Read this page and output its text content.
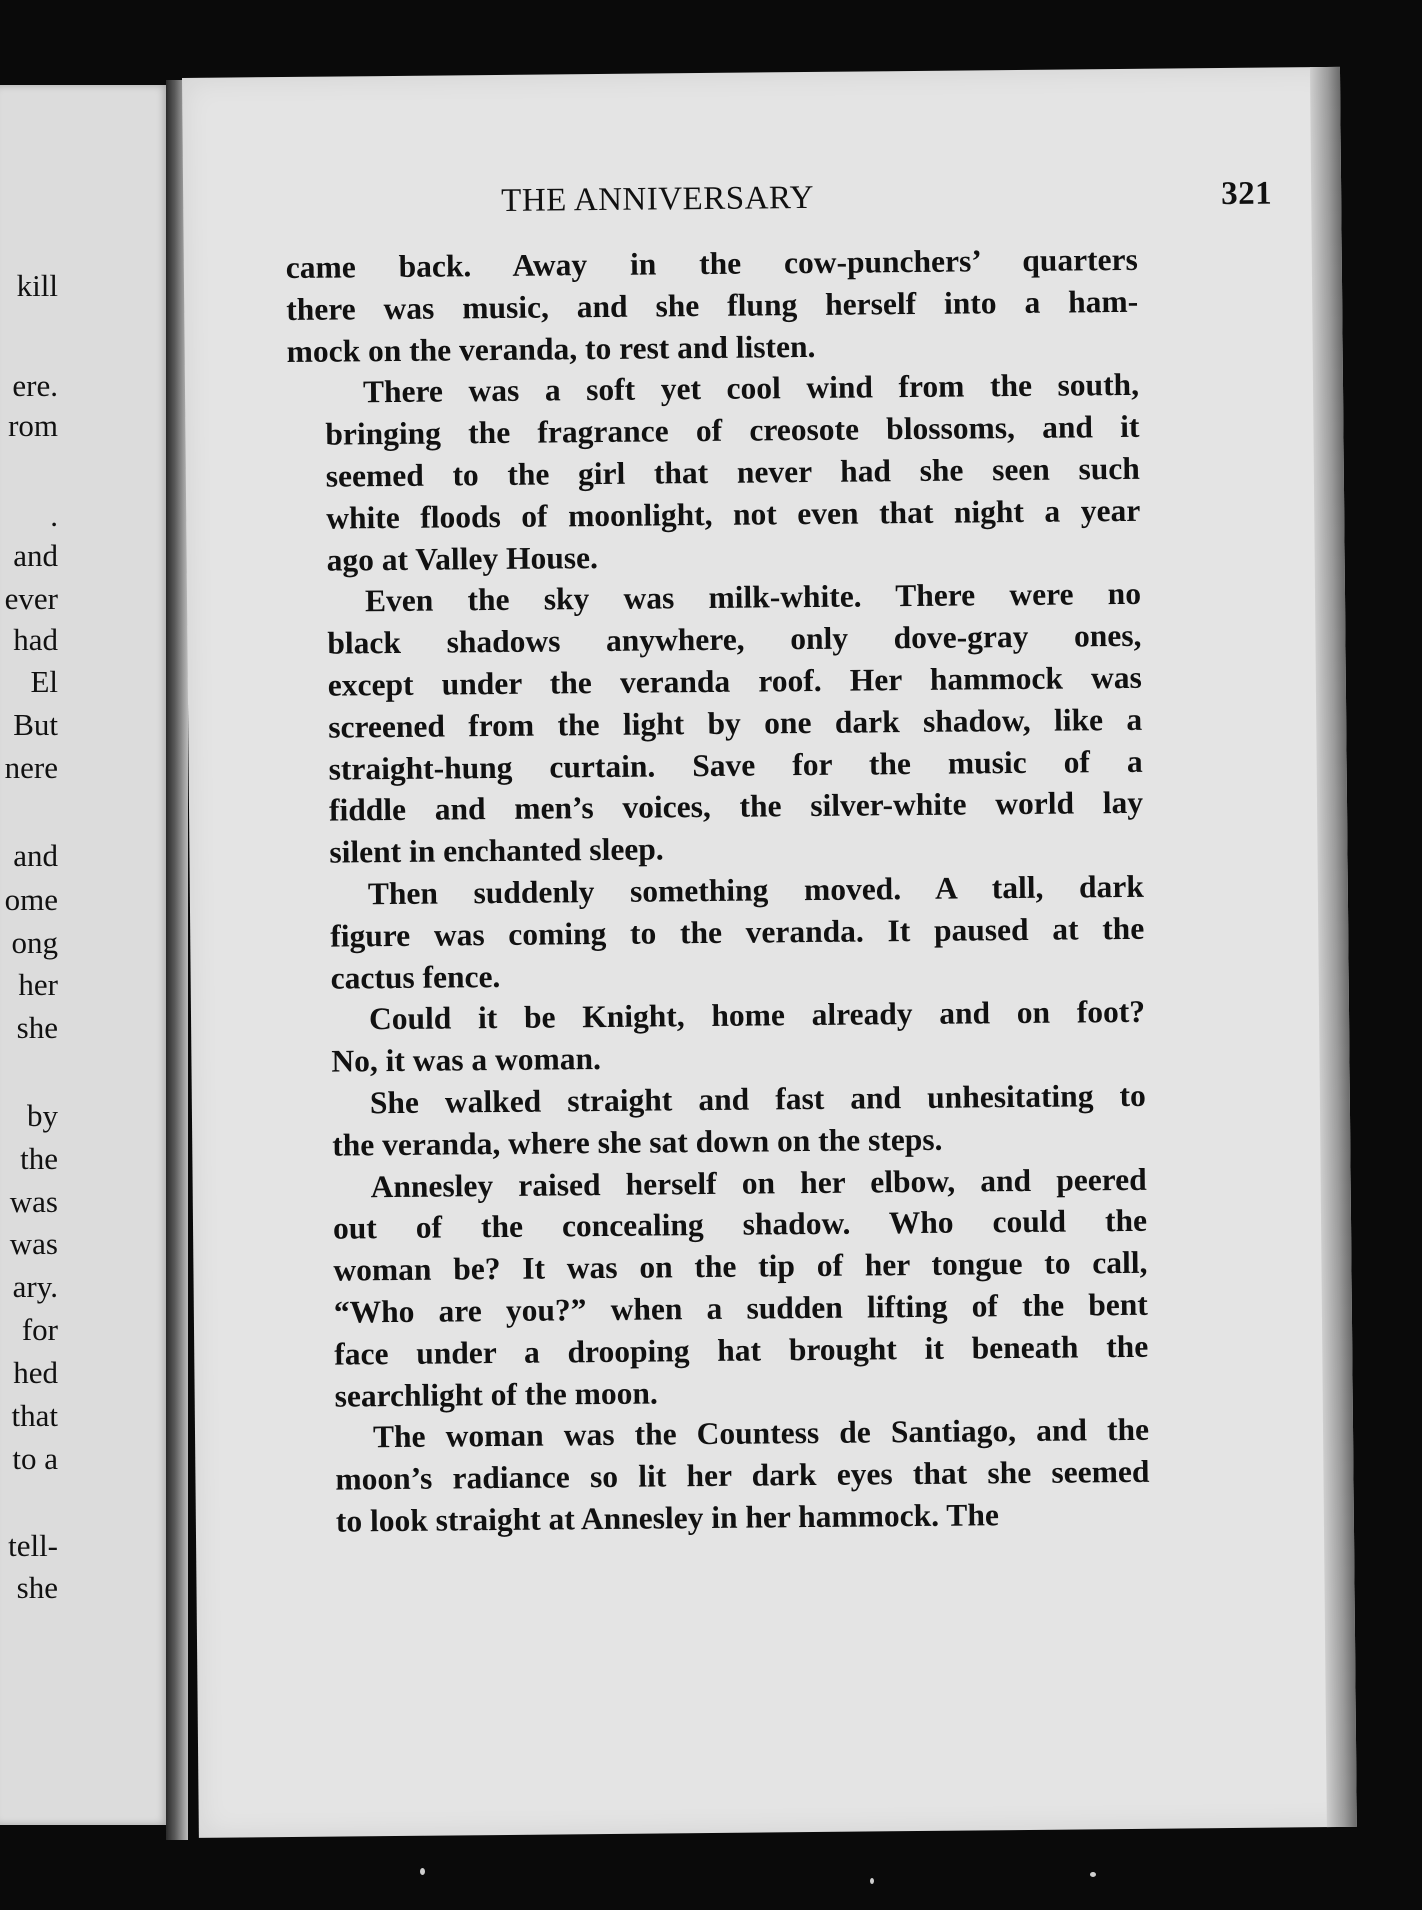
kill
ere.
rom
.
and
ever
had
El
But
nere
and
ome
ong
her
she
by
the
was
was
ary.
for
hed
that
to a
tell-
she
THE ANNIVERSARY	321
came back. Away in the cow-punchers’ quarters
there was music, and she flung herself into a ham-
mock on the veranda, to rest and listen.
There was a soft yet cool wind from the south,
bringing the fragrance of creosote blossoms, and it
seemed to the girl that never had she seen such
white floods of moonlight, not even that night a year
ago at Valley House.
Even the sky was milk-white. There were no
black shadows anywhere, only dove-gray ones,
except under the veranda roof. Her hammock was
screened from the light by one dark shadow, like a
straight-hung curtain. Save for the music of a
fiddle and men’s voices, the silver-white world lay
silent in enchanted sleep.
Then suddenly something moved. A tall, dark
figure was coming to the veranda. It paused at the
cactus fence.
Could it be Knight, home already and on foot?
No, it was a woman.
She walked straight and fast and unhesitating to
the veranda, where she sat down on the steps.
Annesley raised herself on her elbow, and peered
out of the concealing shadow. Who could the
woman be? It was on the tip of her tongue to call,
“Who are you?” when a sudden lifting of the bent
face under a drooping hat brought it beneath the
searchlight of the moon.
The woman was the Countess de Santiago, and the
moon’s radiance so lit her dark eyes that she seemed
to look straight at Annesley in her hammock. The
